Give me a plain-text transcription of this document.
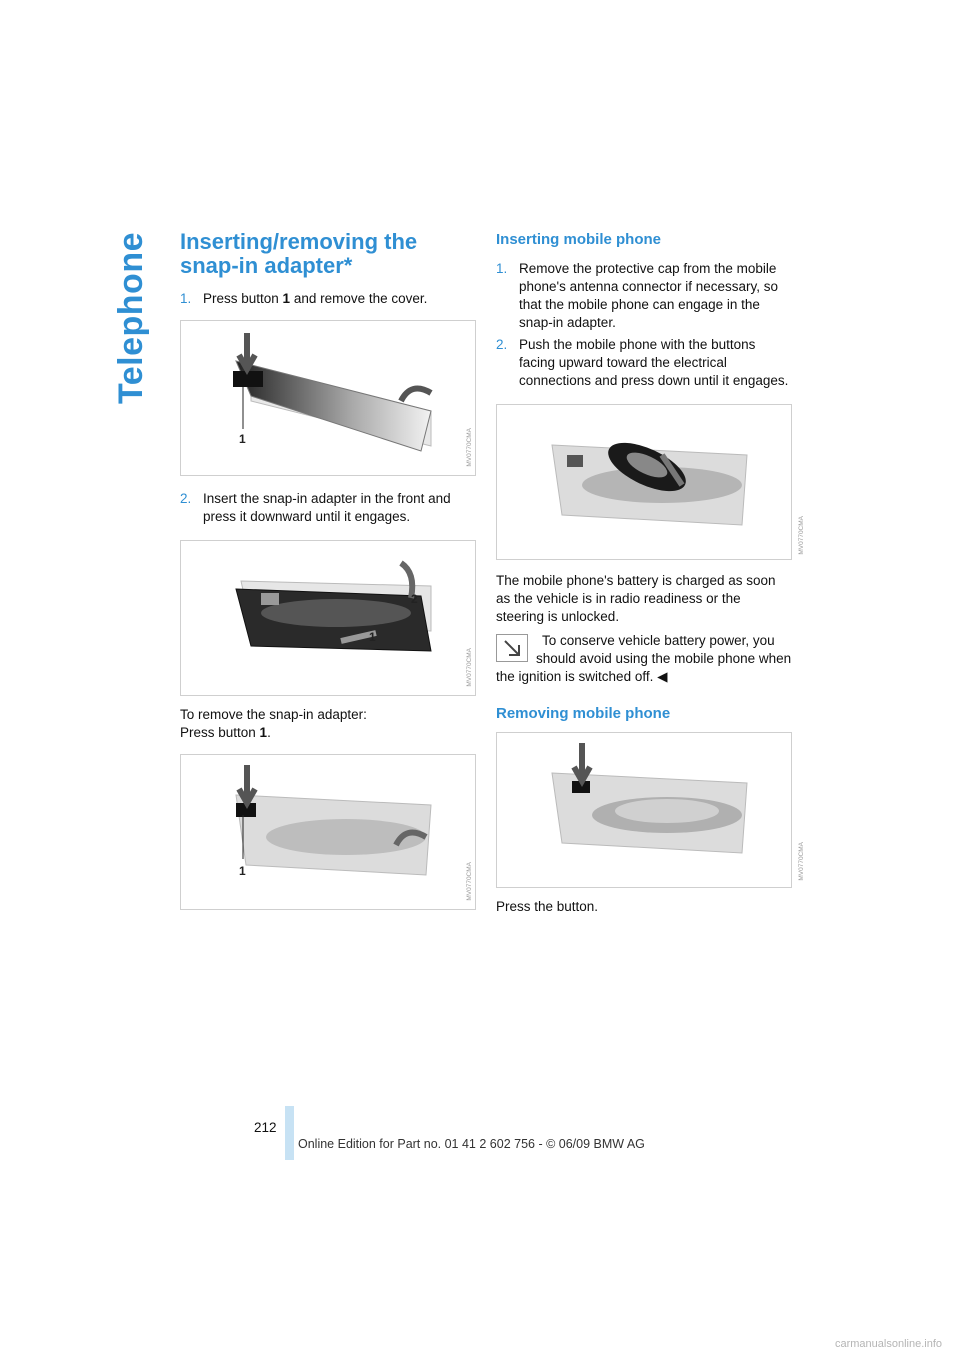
Telephone Inserting/removing the snap-in adapter*
1. Press button 1 and remove the cover.
1	MV0770CMA
2. Insert the snap-in adapter in the front and press it downward until it engages.
2
1
MV0770CMA

To remove the snap-in adapter:

Press button 1.

1	MV0770CMA
Inserting mobile phone
1. Remove the protective cap from the mobile phone's antenna connector if necessary, so that the mobile phone can engage in the snap-in adapter.
2. Push the mobile phone with the buttons facing upward toward the electrical connections and press down until it engages.
MV0770CMA

The mobile phone's battery is charged as soon as the vehicle is in radio readiness or the steering is unlocked.

To conserve vehicle battery power, you should avoid using the mobile phone when the ignition is switched off. ◀

Removing mobile phone
MV0770CMA

Press the button.

212
Online Edition for Part no. 01 41 2 602 756 - © 06/09 BMW AG
carmanualsonline.info
